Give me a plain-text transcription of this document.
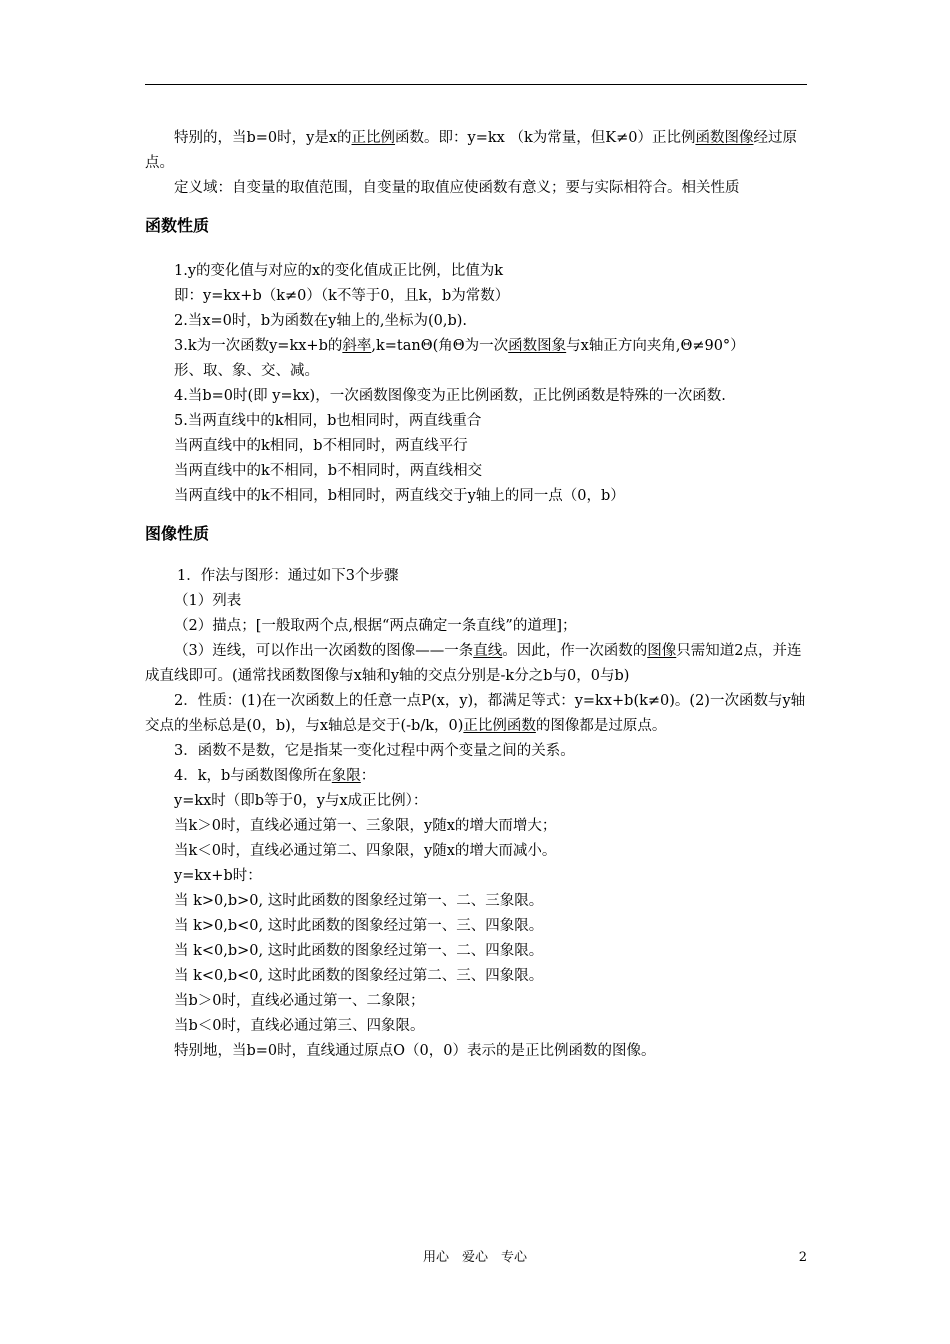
特别的，当b=0时，y是x的正比例函数。即：y=kx （k为常量，但K≠0）正比例函数图像经过原点。

定义域：自变量的取值范围，自变量的取值应使函数有意义；要与实际相符合。相关性质

函数性质

1.y的变化值与对应的x的变化值成正比例，比值为k

即：y=kx+b（k≠0）（k不等于0，且k，b为常数）

2.当x=0时，b为函数在y轴上的,坐标为(0,b).

3.k为一次函数y=kx+b的斜率,k=tanΘ(角Θ为一次函数图象与x轴正方向夹角,Θ≠90°）

形、取、象、交、减。

4.当b=0时(即 y=kx)，一次函数图像变为正比例函数，正比例函数是特殊的一次函数.

5.当两直线中的k相同，b也相同时，两直线重合

当两直线中的k相同，b不相同时，两直线平行

当两直线中的k不相同，b不相同时，两直线相交

当两直线中的k不相同，b相同时，两直线交于y轴上的同一点（0，b）

图像性质

1．作法与图形：通过如下3个步骤

（1）列表

（2）描点；[一般取两个点,根据“两点确定一条直线”的道理]；

（3）连线，可以作出一次函数的图像——一条直线。因此，作一次函数的图像只需知道2点，并连成直线即可。(通常找函数图像与x轴和y轴的交点分别是-k分之b与0，0与b)

2．性质：(1)在一次函数上的任意一点P(x，y)，都满足等式：y=kx+b(k≠0)。(2)一次函数与y轴交点的坐标总是(0，b)，与x轴总是交于(-b/k，0)正比例函数的图像都是过原点。

3．函数不是数，它是指某一变化过程中两个变量之间的关系。

4．k，b与函数图像所在象限：

y=kx时（即b等于0，y与x成正比例）：

当k＞0时，直线必通过第一、三象限，y随x的增大而增大；

当k＜0时，直线必通过第二、四象限，y随x的增大而减小。

y=kx+b时：

当 k>0,b>0, 这时此函数的图象经过第一、二、三象限。

当 k>0,b<0, 这时此函数的图象经过第一、三、四象限。

当 k<0,b>0, 这时此函数的图象经过第一、二、四象限。

当 k<0,b<0, 这时此函数的图象经过第二、三、四象限。

当b＞0时，直线必通过第一、二象限；

当b＜0时，直线必通过第三、四象限。

特别地，当b=0时，直线通过原点O（0，0）表示的是正比例函数的图像。

用心　爱心　专心	2
